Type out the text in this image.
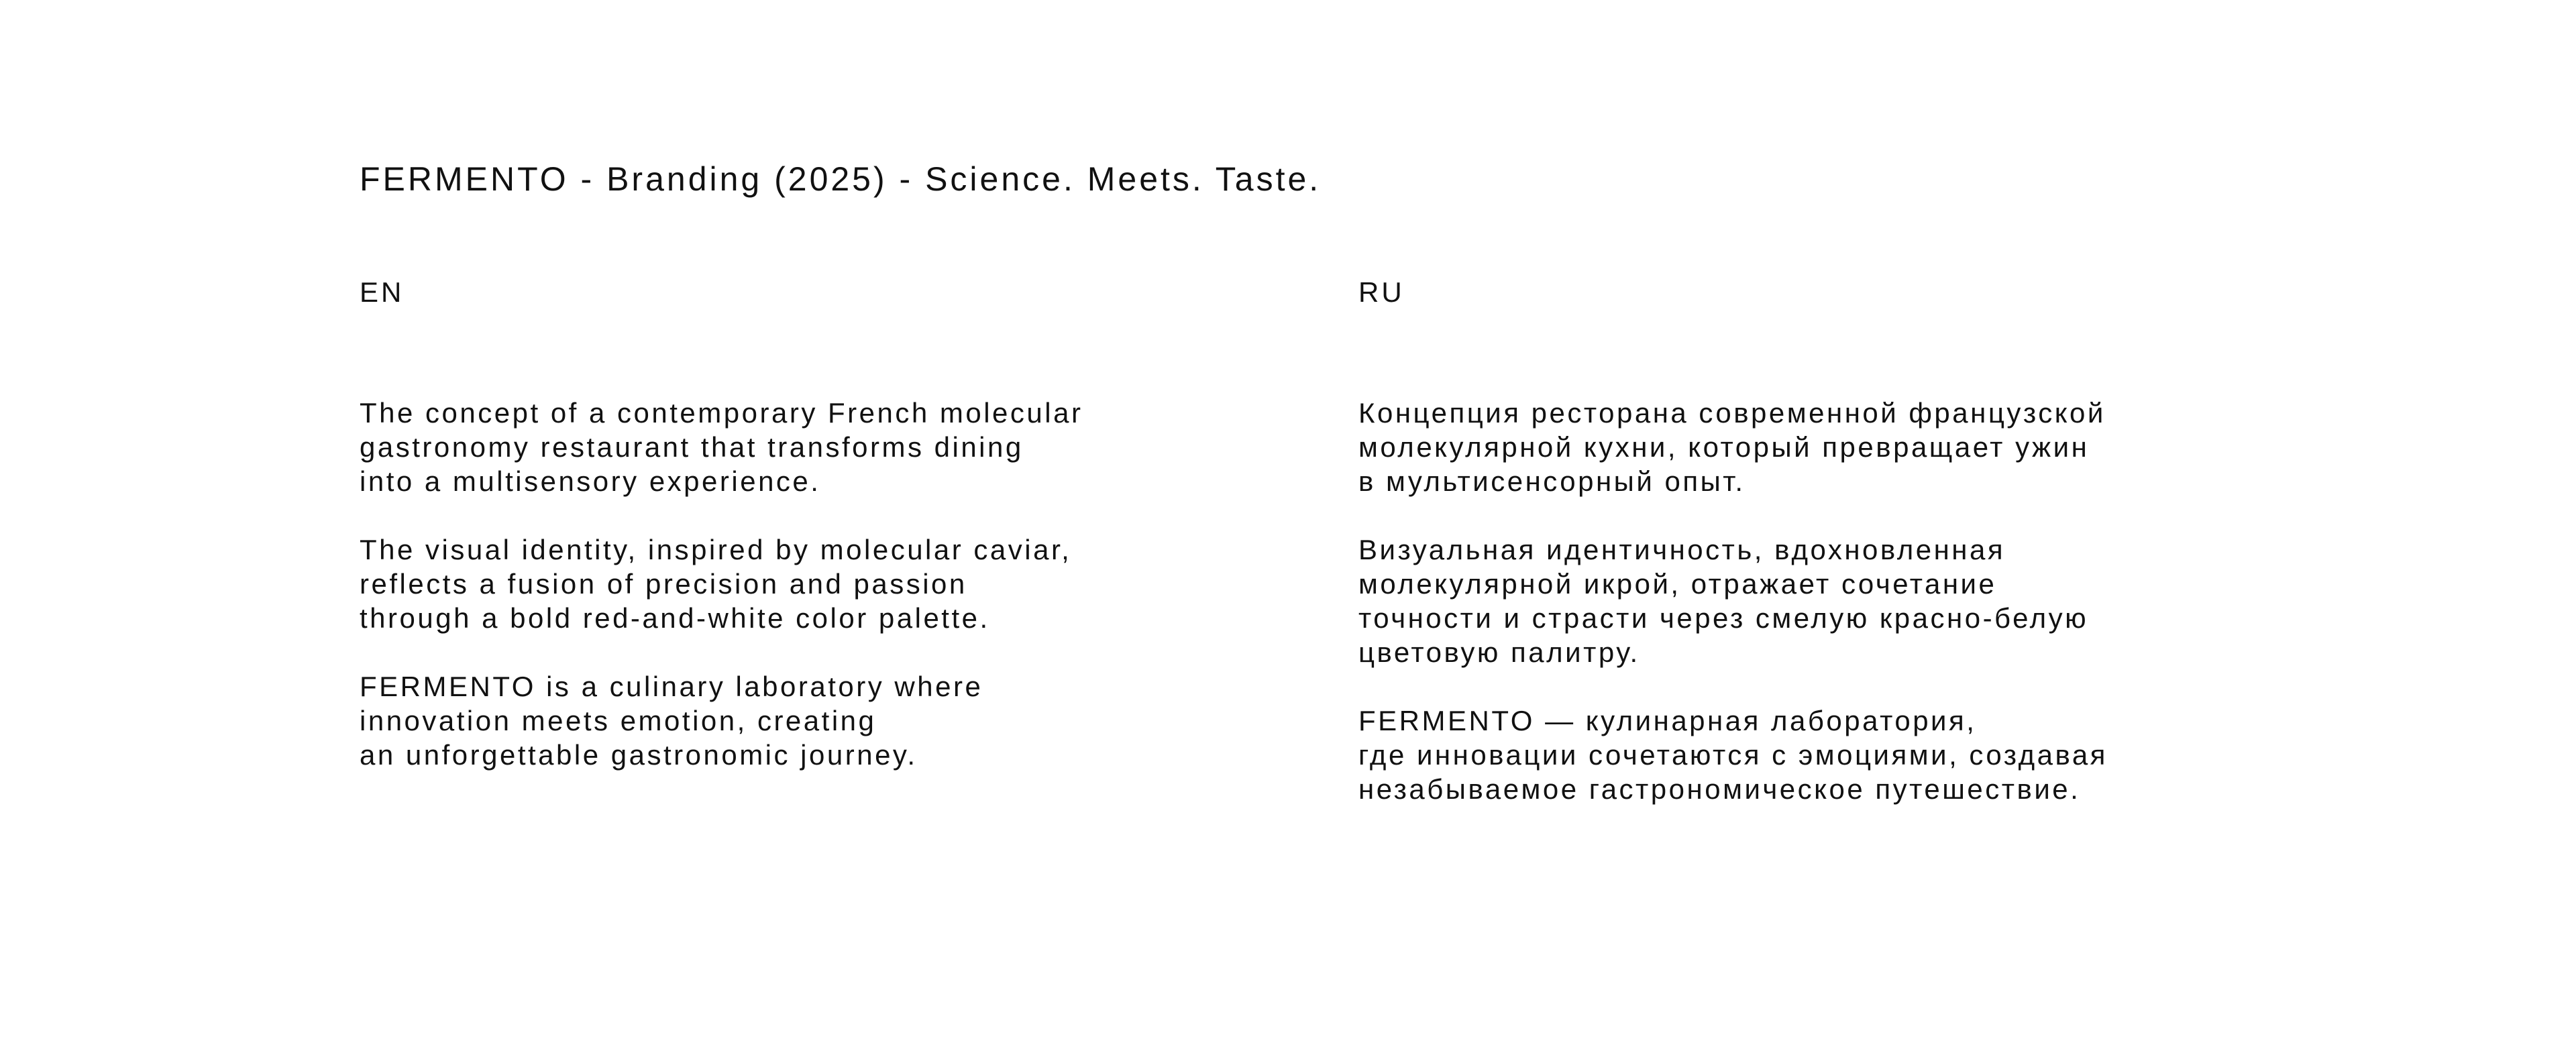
FERMENTO - Branding (2025) - Science. Meets. Taste.

EN

The concept of a contemporary French molecular
gastronomy restaurant that transforms dining
into a multisensory experience.

The visual identity, inspired by molecular caviar,
reflects a fusion of precision and passion
through a bold red-and-white color palette.

FERMENTO is a culinary laboratory where
innovation meets emotion, creating
an unforgettable gastronomic journey.

RU

Концепция ресторана современной французской
молекулярной кухни, который превращает ужин
в мультисенсорный опыт.

Визуальная идентичность, вдохновленная
молекулярной икрой, отражает сочетание
точности и страсти через смелую красно-белую
цветовую палитру.

FERMENTO — кулинарная лаборатория,
где инновации сочетаются с эмоциями, создавая
незабываемое гастрономическое путешествие.
